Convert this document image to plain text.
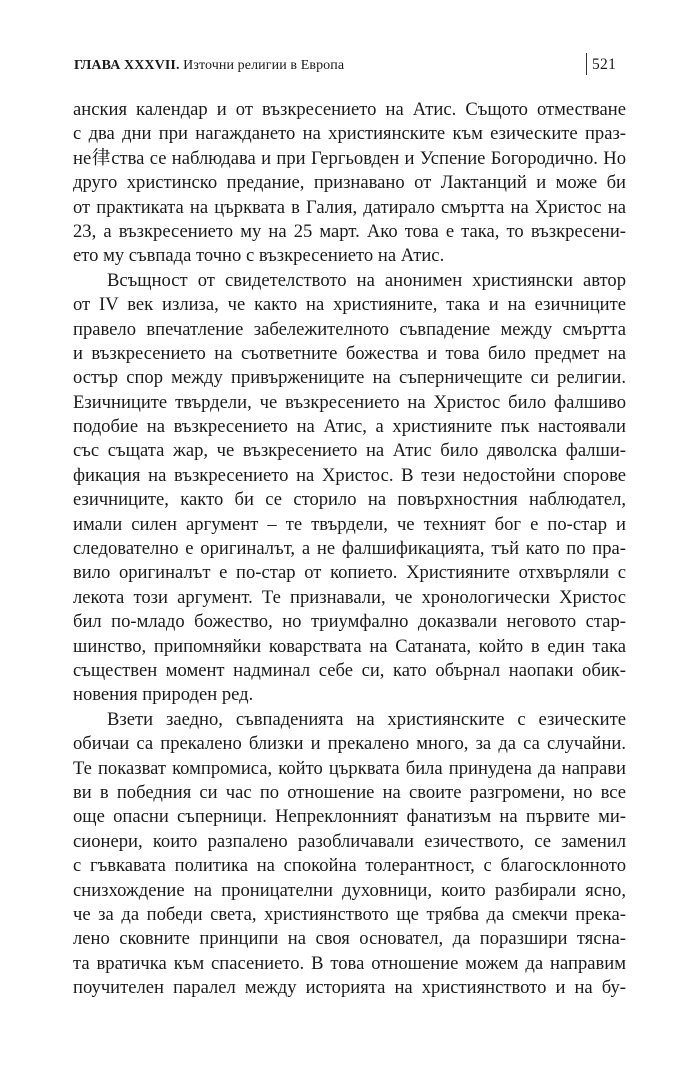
ГЛАВА XXXVII. Източни религии в Европа	521
анския календар и от възкресението на Атис. Същото отместване
с два дни при нагаждането на християнските към езическите праз-
не律ства се наблюдава и при Гергьовден и Успение Богородично. Но
друго христинско предание, признавано от Лактанций и може би
от практиката на църквата в Галия, датирало смъртта на Христос на
23, а възкресението му на 25 март. Ако това е така, то възкресени-
ето му съвпада точно с възкресението на Атис.
Всъщност от свидетелството на анонимен християнски автор
от IV век излиза, че както на християните, така и на езичниците
правело впечатление забележителното съвпадение между смъртта
и възкресението на съответните божества и това било предмет на
остър спор между привържениците на съперничещите си религии.
Езичниците твърдели, че възкресението на Христос било фалшиво
подобие на възкресението на Атис, а християните пък настоявали
със същата жар, че възкресението на Атис било дяволска фалши-
фикация на възкресението на Христос. В тези недостойни спорове
езичниците, както би се сторило на повърхностния наблюдател,
имали силен аргумент – те твърдели, че техният бог е по-стар и
следователно е оригиналът, а не фалшификацията, тъй като по пра-
вило оригиналът е по-стар от копието. Християните отхвърляли с
лекота този аргумент. Те признавали, че хронологически Христос
бил по-младо божество, но триумфално доказвали неговото стар-
шинство, припомняйки коварствата на Сатаната, който в един така
съществен момент надминал себе си, като обърнал наопаки обик-
новения природен ред.
Взети заедно, съвпаденията на християнските с езическите
обичаи са прекалено близки и прекалено много, за да са случайни.
Те показват компромиса, който църквата била принудена да направи
ви в победния си час по отношение на своите разгромени, но все
още опасни съперници. Непреклонният фанатизъм на първите ми-
сионери, които разпалено разобличавали езичеството, се заменил
с гъвкавата политика на спокойна толерантност, с благосклонното
снизхождение на проницателни духовници, които разбирали ясно,
че за да победи света, християнството ще трябва да смекчи прека-
лено сковните принципи на своя основател, да поразшири тясна-
та вратичка към спасението. В това отношение можем да направим
поучителен паралел между историята на християнството и на бу-
